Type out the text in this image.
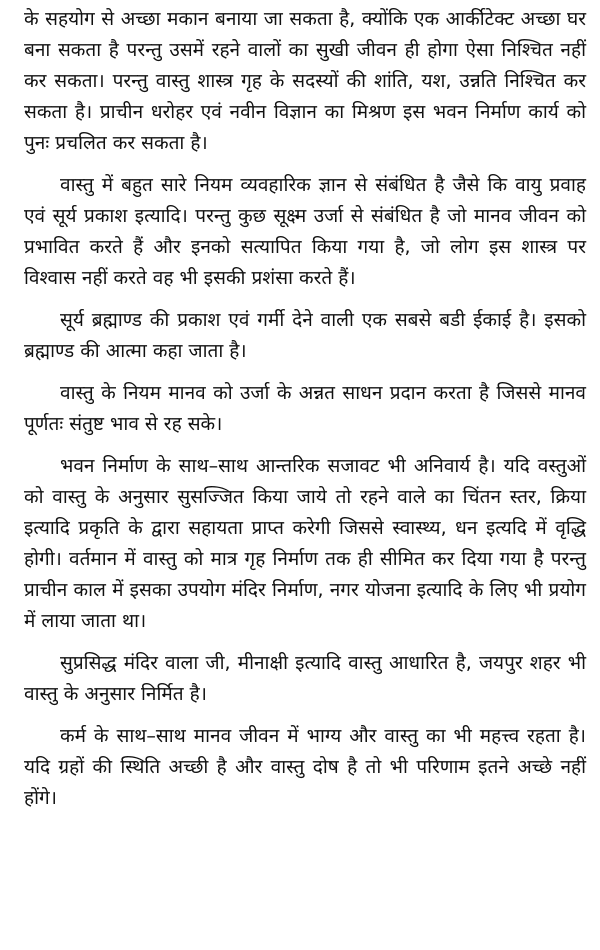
के सहयोग से अच्छा मकान बनाया जा सकता है, क्योंकि एक आर्कीटेक्ट अच्छा घर बना सकता है परन्तु उसमें रहने वालों का सुखी जीवन ही होगा ऐसा निश्चित नहीं कर सकता। परन्तु वास्तु शास्त्र गृह के सदस्यों की शांति, यश, उन्नति निश्चित कर सकता है। प्राचीन धरोहर एवं नवीन विज्ञान का मिश्रण इस भवन निर्माण कार्य को पुनः प्रचलित कर सकता है।

वास्तु में बहुत सारे नियम व्यवहारिक ज्ञान से संबंधित है जैसे कि वायु प्रवाह एवं सूर्य प्रकाश इत्यादि। परन्तु कुछ सूक्ष्म उर्जा से संबंधित है जो मानव जीवन को प्रभावित करते हैं और इनको सत्यापित किया गया है, जो लोग इस शास्त्र पर विश्वास नहीं करते वह भी इसकी प्रशंसा करते हैं।

सूर्य ब्रह्माण्ड की प्रकाश एवं गर्मी देने वाली एक सबसे बडी ईकाई है। इसको ब्रह्माण्ड की आत्मा कहा जाता है।

वास्तु के नियम मानव को उर्जा के अन्नत साधन प्रदान करता है जिससे मानव पूर्णतः संतुष्ट भाव से रह सके।

भवन निर्माण के साथ–साथ आन्तरिक सजावट भी अनिवार्य है। यदि वस्तुओं को वास्तु के अनुसार सुसज्जित किया जाये तो रहने वाले का चिंतन स्तर, क्रिया इत्यादि प्रकृति के द्वारा सहायता प्राप्त करेगी जिससे स्वास्थ्य, धन इत्यदि में वृद्धि होगी। वर्तमान में वास्तु को मात्र गृह निर्माण तक ही सीमित कर दिया गया है परन्तु प्राचीन काल में इसका उपयोग मंदिर निर्माण, नगर योजना इत्यादि के लिए भी प्रयोग में लाया जाता था।

सुप्रसिद्ध मंदिर वाला जी, मीनाक्षी इत्यादि वास्तु आधारित है, जयपुर शहर भी वास्तु के अनुसार निर्मित है।

कर्म के साथ–साथ मानव जीवन में भाग्य और वास्तु का भी महत्त्व रहता है। यदि ग्रहों की स्थिति अच्छी है और वास्तु दोष है तो भी परिणाम इतने अच्छे नहीं होंगे।
